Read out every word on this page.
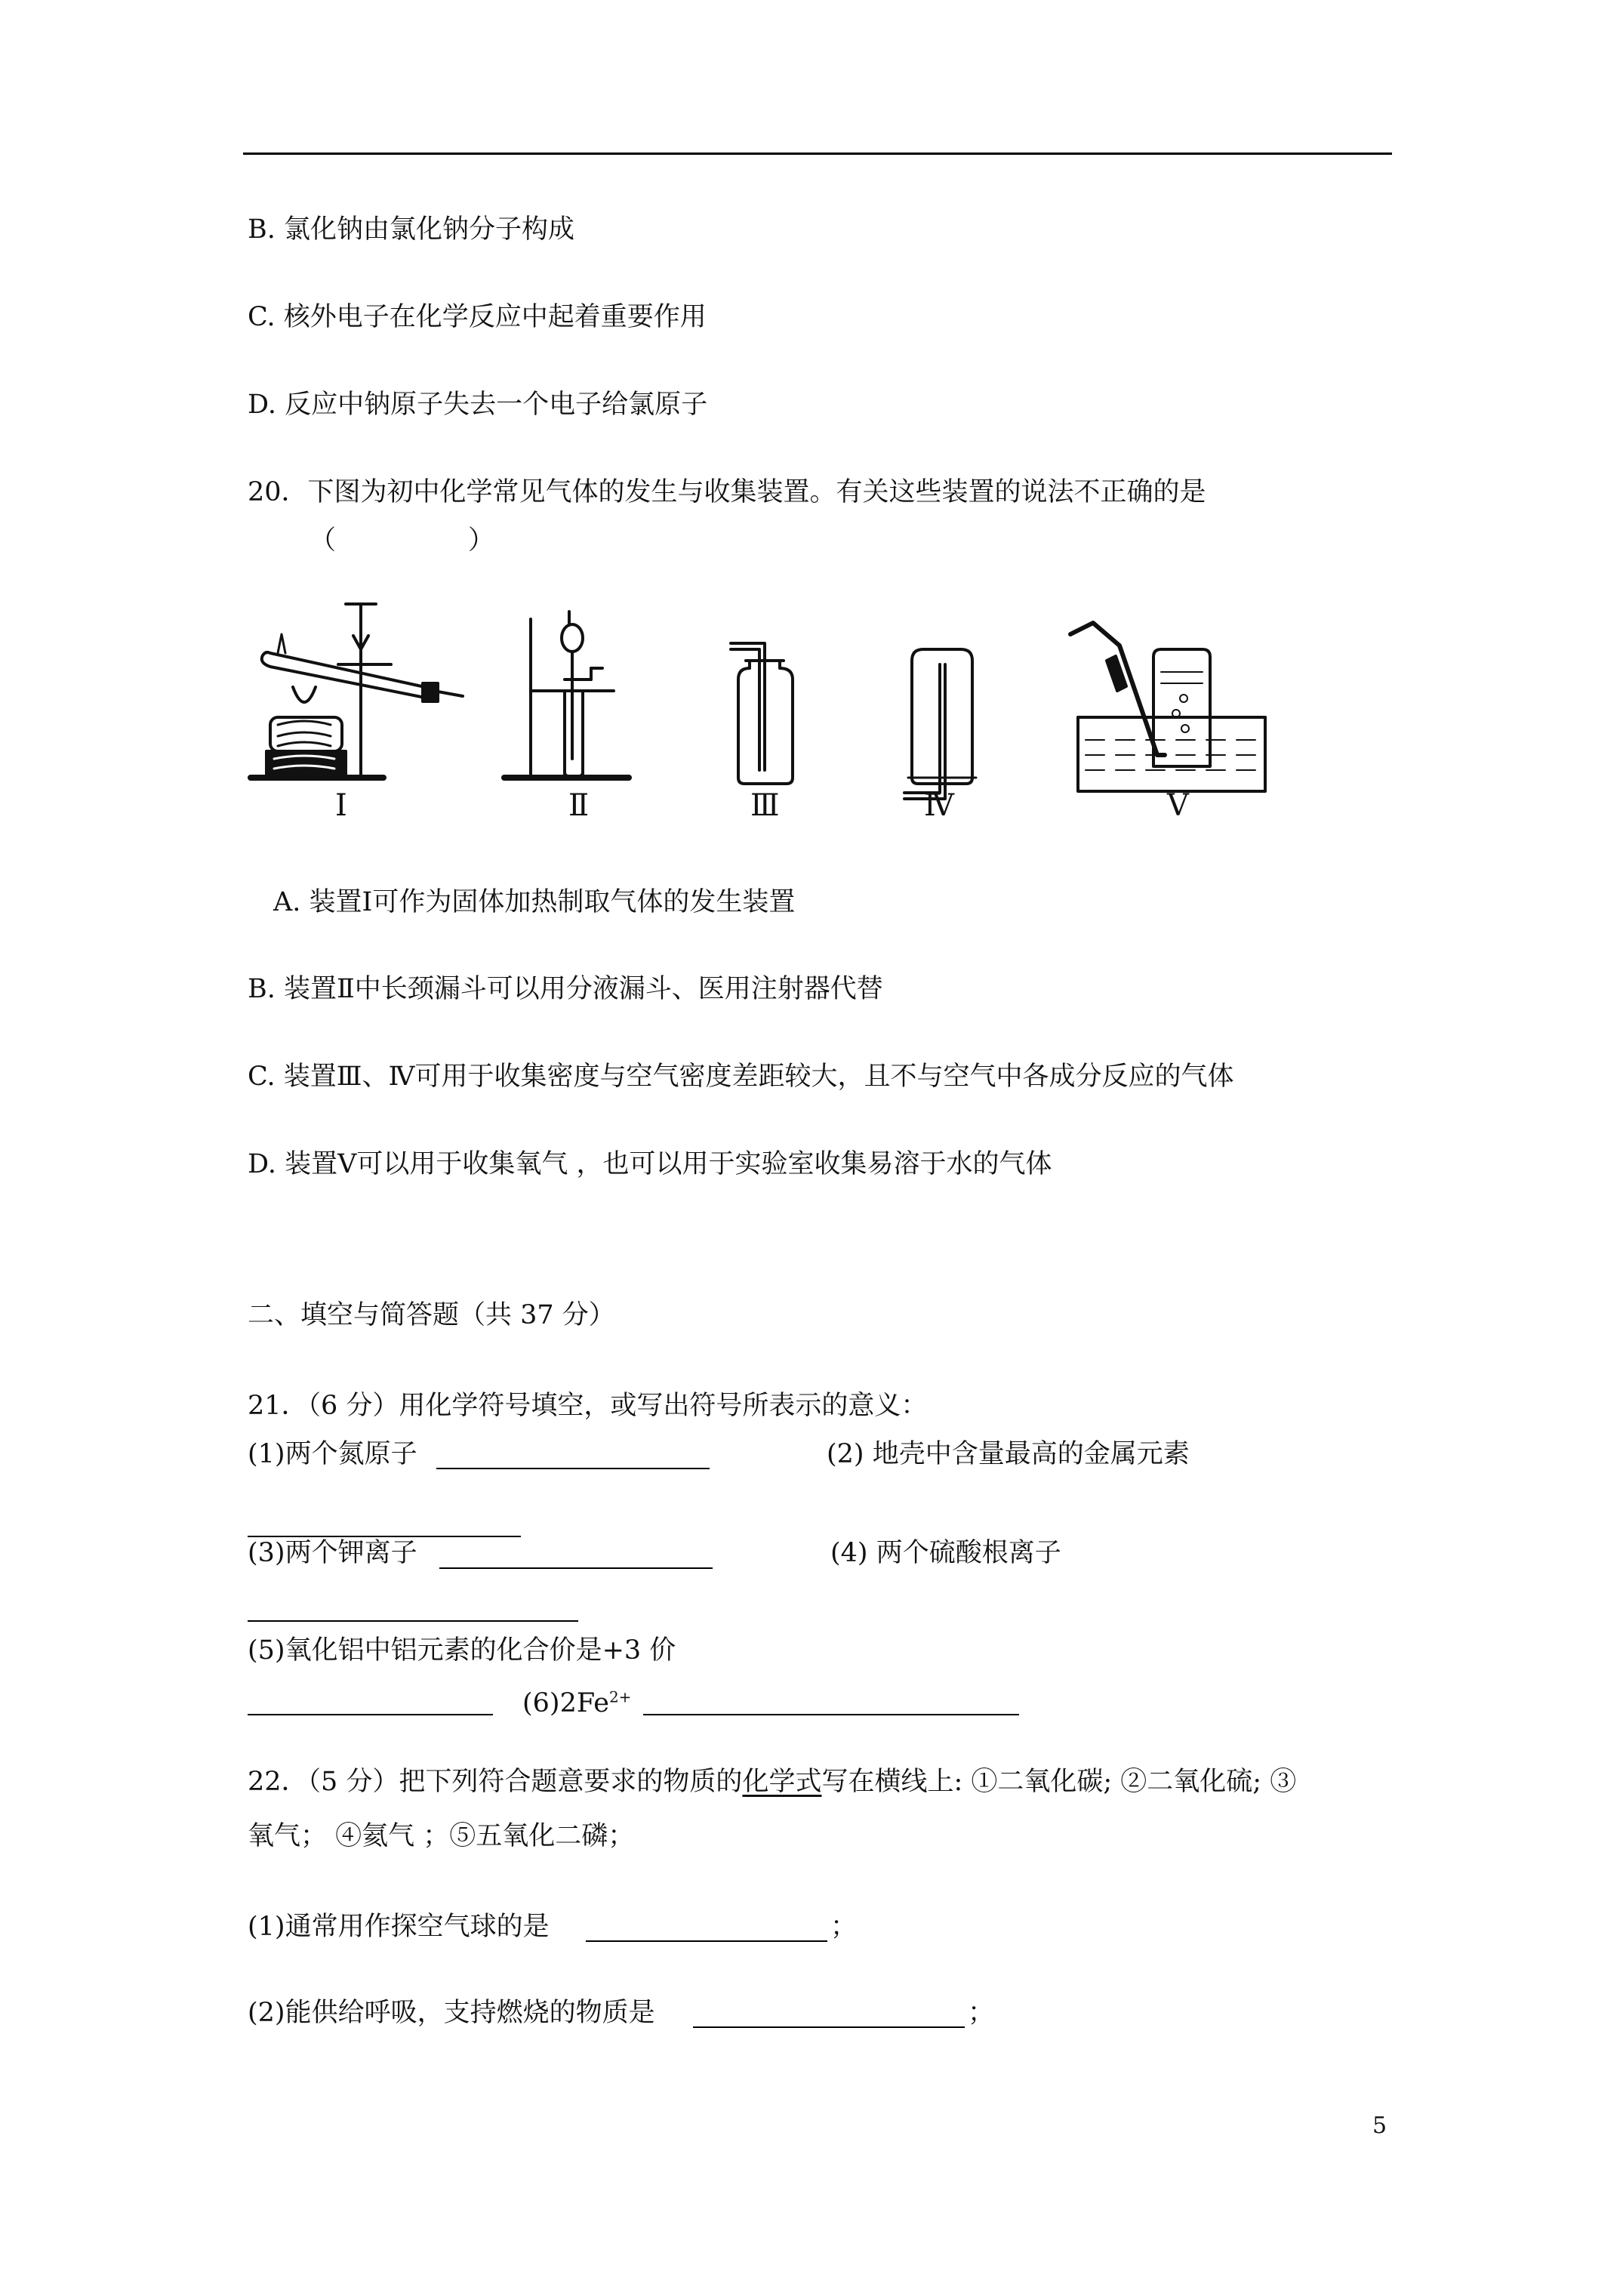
B. 氯化钠由氯化钠分子构成
C. 核外电子在化学反应中起着重要作用
D. 反应中钠原子失去一个电子给氯原子
20．下图为初中化学常见气体的发生与收集装置。有关这些装置的说法不正确的是
（　　　　　）
Ⅰ	Ⅱ	Ⅲ	Ⅳ	Ⅴ
A. 装置Ⅰ可作为固体加热制取气体的发生装置
B. 装置Ⅱ中长颈漏斗可以用分液漏斗、医用注射器代替
C. 装置Ⅲ、Ⅳ可用于收集密度与空气密度差距较大，且不与空气中各成分反应的气体
D. 装置Ⅴ可以用于收集氧气 ，也可以用于实验室收集易溶于水的气体
二、填空与简答题（共 37 分）
21．（6 分）用化学符号填空，或写出符号所表示的意义：
(1)两个氮原子	(2) 地壳中含量最高的金属元素
(3)两个钾离子	(4) 两个硫酸根离子
(5)氧化铝中铝元素的化合价是+3 价
$(6)2Fe^{2+}$
22．（5 分）把下列符合题意要求的物质的化学式写在横线上: ①二氧化碳; ②二氧化硫; ③
氧气； ④氦气 ；⑤五氧化二磷；
(1)通常用作探空气球的是	；
(2)能供给呼吸，支持燃烧的物质是	；
5
